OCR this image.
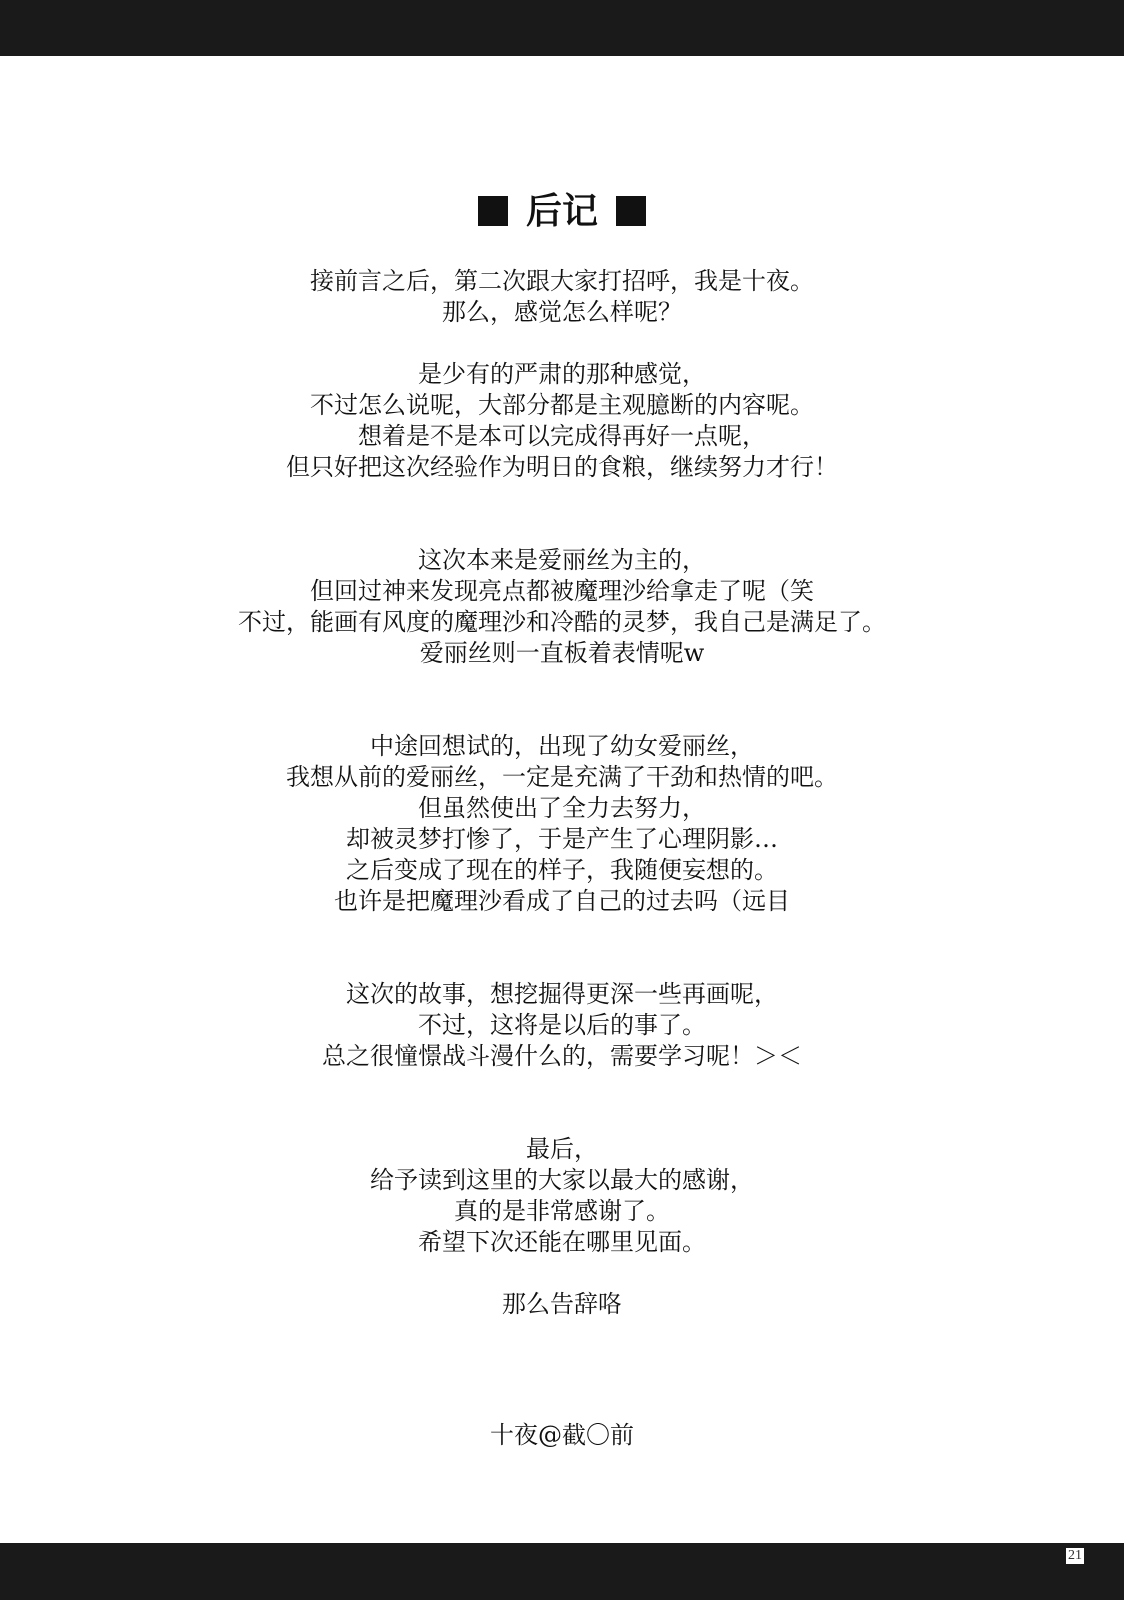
后记
接前言之后，第二次跟大家打招呼，我是十夜。
那么，感觉怎么样呢？
是少有的严肃的那种感觉，
不过怎么说呢，大部分都是主观臆断的内容呢。
想着是不是本可以完成得再好一点呢，
但只好把这次经验作为明日的食粮，继续努力才行！
这次本来是爱丽丝为主的，
但回过神来发现亮点都被魔理沙给拿走了呢（笑
不过，能画有风度的魔理沙和冷酷的灵梦，我自己是满足了。
爱丽丝则一直板着表情呢w
中途回想试的，出现了幼女爱丽丝，
我想从前的爱丽丝，一定是充满了干劲和热情的吧。
但虽然使出了全力去努力，
却被灵梦打惨了，于是产生了心理阴影…
之后变成了现在的样子，我随便妄想的。
也许是把魔理沙看成了自己的过去吗（远目
这次的故事，想挖掘得更深一些再画呢，
不过，这将是以后的事了。
总之很憧憬战斗漫什么的，需要学习呢！＞＜
最后，
给予读到这里的大家以最大的感谢，
真的是非常感谢了。
希望下次还能在哪里见面。
那么告辞咯
十夜@截〇前
21
